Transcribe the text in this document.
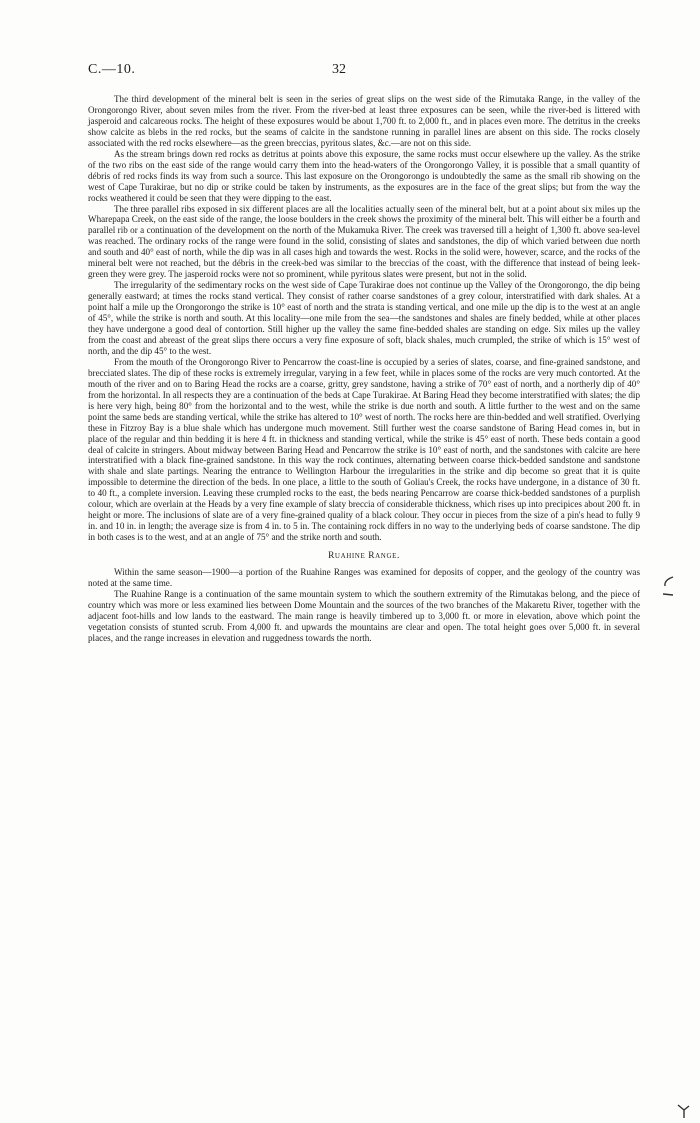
C.—10.	32

The third development of the mineral belt is seen in the series of great slips on the west side of the Rimutaka Range, in the valley of the Orongorongo River, about seven miles from the river. From the river-bed at least three exposures can be seen, while the river-bed is littered with jasperoid and calcareous rocks. The height of these exposures would be about 1,700 ft. to 2,000 ft., and in places even more. The detritus in the creeks show calcite as blebs in the red rocks, but the seams of calcite in the sandstone running in parallel lines are absent on this side. The rocks closely associated with the red rocks elsewhere—as the green breccias, pyritous slates, &c.—are not on this side.

As the stream brings down red rocks as detritus at points above this exposure, the same rocks must occur elsewhere up the valley. As the strike of the two ribs on the east side of the range would carry them into the head-waters of the Orongorongo Valley, it is possible that a small quantity of débris of red rocks finds its way from such a source. This last exposure on the Orongorongo is undoubtedly the same as the small rib showing on the west of Cape Turakirae, but no dip or strike could be taken by instruments, as the exposures are in the face of the great slips; but from the way the rocks weathered it could be seen that they were dipping to the east.

The three parallel ribs exposed in six different places are all the localities actually seen of the mineral belt, but at a point about six miles up the Wharepapa Creek, on the east side of the range, the loose boulders in the creek shows the proximity of the mineral belt. This will either be a fourth and parallel rib or a continuation of the development on the north of the Mukamuka River. The creek was traversed till a height of 1,300 ft. above sea-level was reached. The ordinary rocks of the range were found in the solid, consisting of slates and sandstones, the dip of which varied between due north and south and 40° east of north, while the dip was in all cases high and towards the west. Rocks in the solid were, however, scarce, and the rocks of the mineral belt were not reached, but the débris in the creek-bed was similar to the breccias of the coast, with the difference that instead of being leek-green they were grey. The jasperoid rocks were not so prominent, while pyritous slates were present, but not in the solid.

The irregularity of the sedimentary rocks on the west side of Cape Turakirae does not continue up the Valley of the Orongorongo, the dip being generally eastward; at times the rocks stand vertical. They consist of rather coarse sandstones of a grey colour, interstratified with dark shales. At a point half a mile up the Orongorongo the strike is 10° east of north and the strata is standing vertical, and one mile up the dip is to the west at an angle of 45°, while the strike is north and south. At this locality—one mile from the sea—the sandstones and shales are finely bedded, while at other places they have undergone a good deal of contortion. Still higher up the valley the same fine-bedded shales are standing on edge. Six miles up the valley from the coast and abreast of the great slips there occurs a very fine exposure of soft, black shales, much crumpled, the strike of which is 15° west of north, and the dip 45° to the west.

From the mouth of the Orongorongo River to Pencarrow the coast-line is occupied by a series of slates, coarse, and fine-grained sandstone, and brecciated slates. The dip of these rocks is extremely irregular, varying in a few feet, while in places some of the rocks are very much contorted. At the mouth of the river and on to Baring Head the rocks are a coarse, gritty, grey sandstone, having a strike of 70° east of north, and a northerly dip of 40° from the horizontal. In all respects they are a continuation of the beds at Cape Turakirae. At Baring Head they become interstratified with slates; the dip is here very high, being 80° from the horizontal and to the west, while the strike is due north and south. A little further to the west and on the same point the same beds are standing vertical, while the strike has altered to 10° west of north. The rocks here are thin-bedded and well stratified. Overlying these in Fitzroy Bay is a blue shale which has undergone much movement. Still further west the coarse sandstone of Baring Head comes in, but in place of the regular and thin bedding it is here 4 ft. in thickness and standing vertical, while the strike is 45° east of north. These beds contain a good deal of calcite in stringers. About midway between Baring Head and Pencarrow the strike is 10° east of north, and the sandstones with calcite are here interstratified with a black fine-grained sandstone. In this way the rock continues, alternating between coarse thick-bedded sandstone and sandstone with shale and slate partings. Nearing the entrance to Wellington Harbour the irregularities in the strike and dip become so great that it is quite impossible to determine the direction of the beds. In one place, a little to the south of Goliau's Creek, the rocks have undergone, in a distance of 30 ft. to 40 ft., a complete inversion. Leaving these crumpled rocks to the east, the beds nearing Pencarrow are coarse thick-bedded sandstones of a purplish colour, which are overlain at the Heads by a very fine example of slaty breccia of considerable thickness, which rises up into precipices about 200 ft. in height or more. The inclusions of slate are of a very fine-grained quality of a black colour. They occur in pieces from the size of a pin's head to fully 9 in. and 10 in. in length; the average size is from 4 in. to 5 in. The containing rock differs in no way to the underlying beds of coarse sandstone. The dip in both cases is to the west, and at an angle of 75° and the strike north and south.

Ruahine Range.

Within the same season—1900—a portion of the Ruahine Ranges was examined for deposits of copper, and the geology of the country was noted at the same time.

The Ruahine Range is a continuation of the same mountain system to which the southern extremity of the Rimutakas belong, and the piece of country which was more or less examined lies between Dome Mountain and the sources of the two branches of the Makaretu River, together with the adjacent foot-hills and low lands to the eastward. The main range is heavily timbered up to 3,000 ft. or more in elevation, above which point the vegetation consists of stunted scrub. From 4,000 ft. and upwards the mountains are clear and open. The total height goes over 5,000 ft. in several places, and the range increases in elevation and ruggedness towards the north.
